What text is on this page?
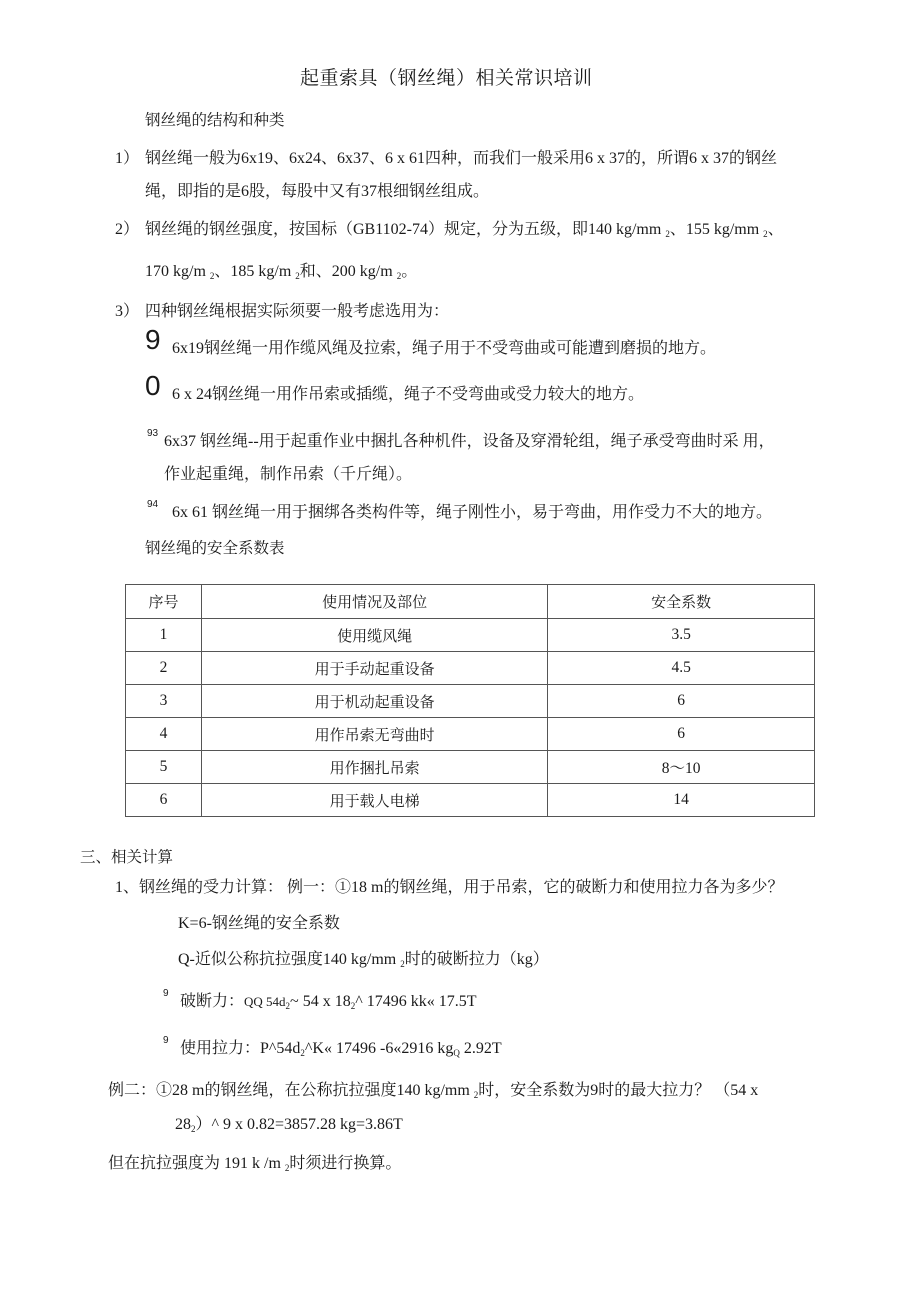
起重索具（钢丝绳）相关常识培训
钢丝绳的结构和种类
1） 钢丝绳一般为6x19、6x24、6x37、6 x 61四种，而我们一般采用6 x 37的，所谓6 x 37的钢丝
绳，即指的是6股，每股中又有37根细钢丝组成。
2） 钢丝绳的钢丝强度，按国标（GB1102-74）规定，分为五级，即140 kg/mm $_2$、155 kg/mm $_2$、
170 kg/m $_2$、185 kg/m $_2$和、200 kg/m $_2$。
3） 四种钢丝绳根据实际须要一般考虑选用为：
9 6x19钢丝绳一用作缆风绳及拉索，绳子用于不受弯曲或可能遭到磨损的地方。
0 6 x 24钢丝绳一用作吊索或插缆，绳子不受弯曲或受力较大的地方。
93 6x37 钢丝绳--用于起重作业中捆扎各种机件，设备及穿滑轮组，绳子承受弯曲时采 用，
作业起重绳，制作吊索（千斤绳）。
94 6x 61 钢丝绳一用于捆绑各类构件等，绳子刚性小，易于弯曲，用作受力不大的地方。
钢丝绳的安全系数表
序号	使用情况及部位	安全系数
1	使用缆风绳	3.5
2	用于手动起重设备	4.5
3	用于机动起重设备	6
4	用作吊索无弯曲时	6
5	用作捆扎吊索	8～10
6	用于载人电梯	14
三、相关计算
1、钢丝绳的受力计算： 例一：①18 m的钢丝绳，用于吊索，它的破断力和使用拉力各为多少？
K=6-钢丝绳的安全系数
Q-近似公称抗拉强度140 kg/mm $_2$时的破断拉力（kg）
9 破断力：QQ $54d_2\sim$ 54 x $18_2\^{}$ 17496 kk« 17.5T
9 使用拉力：$P\^{}54d_2\^{}K«$ 17496 -6«2916 $kg_Q$ 2.92T
例二：①28 m的钢丝绳，在公称抗拉强度140 kg/mm $_2$时，安全系数为9时的最大拉力？ （54 x
$28_2)\^{}$ 9 x 0.82=3857.28 kg=3.86T
但在抗拉强度为 191 k /m $_2$时须进行换算。
